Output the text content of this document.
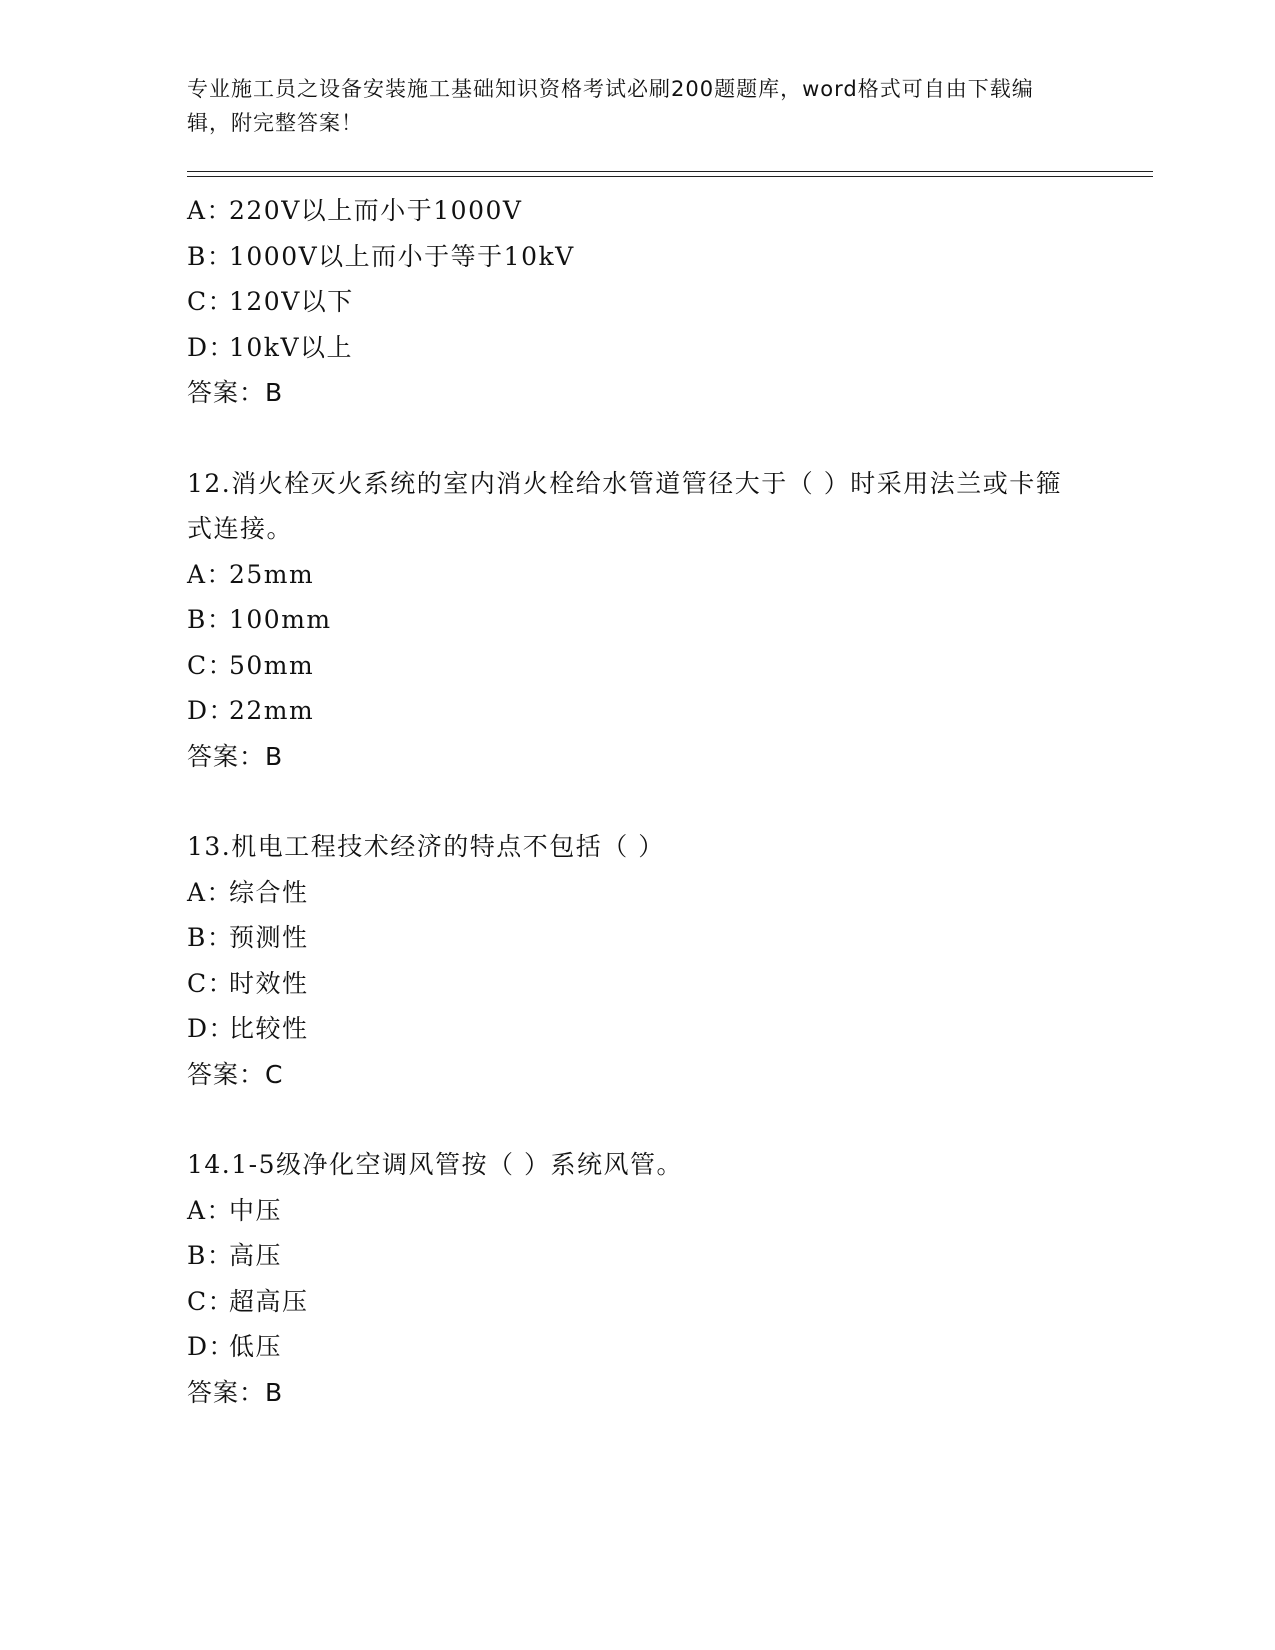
专业施工员之设备安装施工基础知识资格考试必刷200题题库，word格式可自由下载编辑，附完整答案！
A：220V以上而小于1000V
B：1000V以上而小于等于10kV
C：120V以下
D：10kV以上
答案：B
12.消火栓灭火系统的室内消火栓给水管道管径大于（ ）时采用法兰或卡箍式连接。
A：25mm
B：100mm
C：50mm
D：22mm
答案：B
13.机电工程技术经济的特点不包括（ ）
A：综合性
B：预测性
C：时效性
D：比较性
答案：C
14.1-5级净化空调风管按（ ）系统风管。
A：中压
B：高压
C：超高压
D：低压
答案：B
